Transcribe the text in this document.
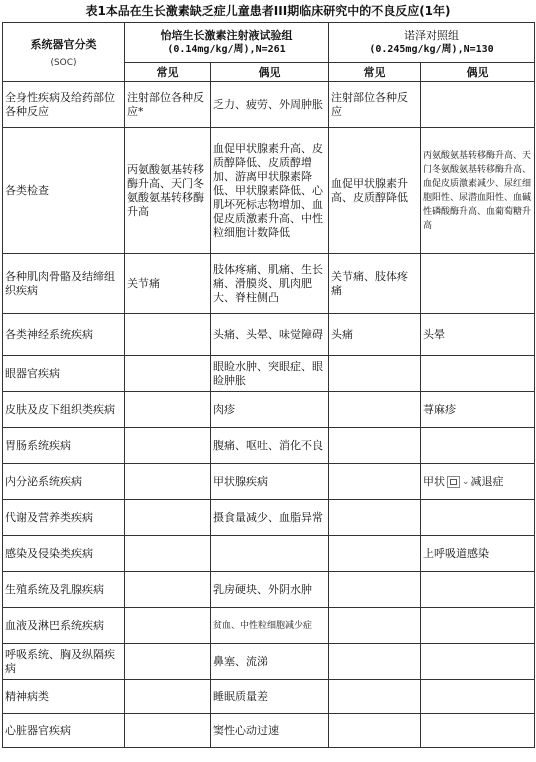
表1本品在生长激素缺乏症儿童患者III期临床研究中的不良反应(1年)
系统器官分类
(SOC)	怡培生长激素注射液试验组
(0.14mg/kg/周),N=261		诺泽对照组
(0.245mg/kg/周),N=130	
	常见	偶见	常见	偶见
全身性疾病及给药部位各种反应	注射部位各种反应*	乏力、疲劳、外周肿胀	注射部位各种反应	
各类检查	丙氨酸氨基转移酶升高、天门冬氨酸氨基转移酶升高	血促甲状腺素升高、皮质醇降低、皮质醇增加、游离甲状腺素降低、甲状腺素降低、心肌坏死标志物增加、血促皮质激素升高、中性粒细胞计数降低	血促甲状腺素升高、皮质醇降低	丙氨酸氨基转移酶升高、天门冬氨酸氨基转移酶升高、血促皮质激素减少、尿红细胞阳性、尿潜血阳性、血碱性磷酸酶升高、血葡萄糖升高
各种肌肉骨骼及结缔组织疾病	关节痛	肢体疼痛、肌痛、生长痛、滑膜炎、肌肉肥大、脊柱侧凸	关节痛、肢体疼痛	
各类神经系统疾病		头痛、头晕、味觉障碍	头痛	头晕
眼器官疾病		眼睑水肿、突眼症、眼睑肿胀		
皮肤及皮下组织类疾病		肉疹		荨麻疹
胃肠系统疾病		腹痛、呕吐、消化不良		
内分泌系统疾病		甲状腺疾病		甲状 ⌄减退症
代谢及营养类疾病		摄食量减少、血脂异常		
感染及侵染类疾病				上呼吸道感染
生殖系统及乳腺疾病		乳房硬块、外阴水肿		
血液及淋巴系统疾病		贫血、中性粒细胞减少症		
呼吸系统、胸及纵隔疾病		鼻塞、流涕		
精神病类		睡眠质量差		
心脏器官疾病		窦性心动过速		
